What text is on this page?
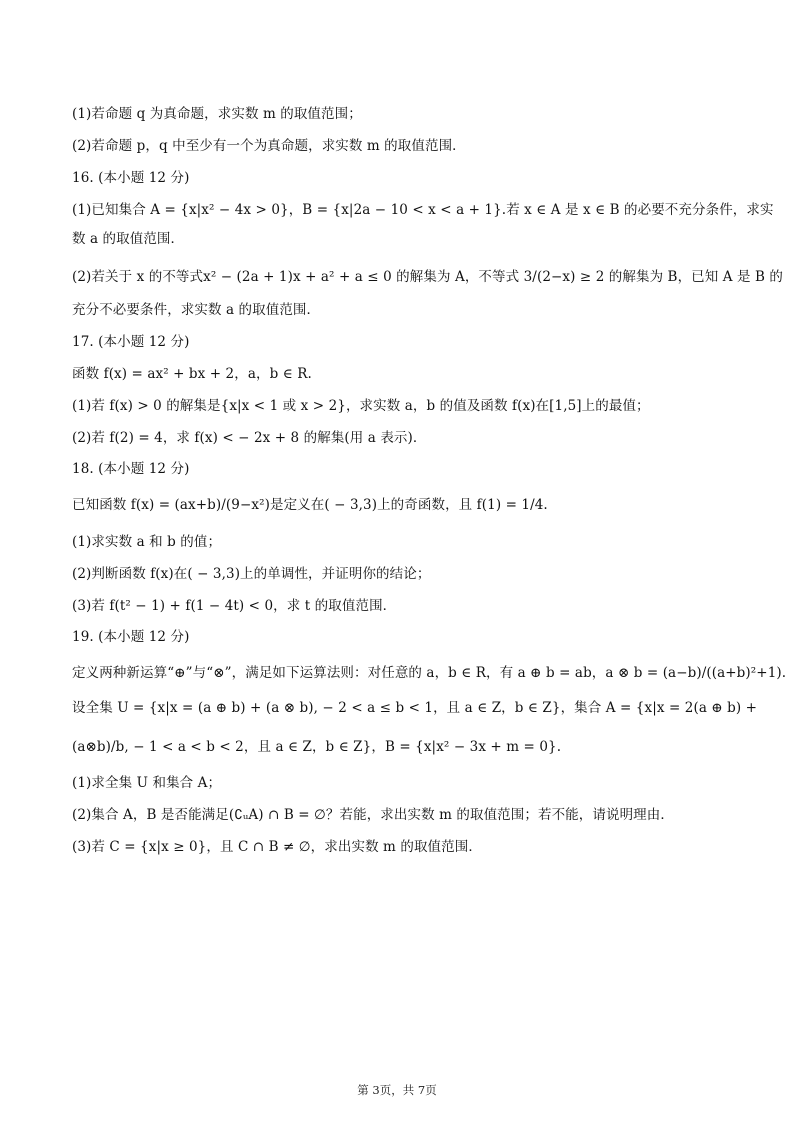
(1)若命题 q 为真命题，求实数 m 的取值范围；
(2)若命题 p，q 中至少有一个为真命题，求实数 m 的取值范围．
16. (本小题 12 分)
(1)已知集合 A = {x|x² − 4x > 0}，B = {x|2a − 10 < x < a + 1}.若 x ∈ A 是 x ∈ B 的必要不充分条件，求实
数 a 的取值范围．
(2)若关于 x 的不等式x² − (2a + 1)x + a² + a ≤ 0 的解集为 A，不等式 3/(2−x) ≥ 2 的解集为 B，已知 A 是 B 的
充分不必要条件，求实数 a 的取值范围．
17. (本小题 12 分)
函数 f(x) = ax² + bx + 2，a，b ∈ R.
(1)若 f(x) > 0 的解集是{x|x < 1 或 x > 2}，求实数 a，b 的值及函数 f(x)在[1,5]上的最值；
(2)若 f(2) = 4，求 f(x) < − 2x + 8 的解集(用 a 表示)．
18. (本小题 12 分)
已知函数 f(x) = (ax+b)/(9−x²)是定义在( − 3,3)上的奇函数，且 f(1) = 1/4.
(1)求实数 a 和 b 的值；
(2)判断函数 f(x)在( − 3,3)上的单调性，并证明你的结论；
(3)若 f(t² − 1) + f(1 − 4t) < 0，求 t 的取值范围．
19. (本小题 12 分)
定义两种新运算“⊕”与“⊗”，满足如下运算法则：对任意的 a，b ∈ R，有 a ⊕ b = ab，a ⊗ b = (a−b)/((a+b)²+1).
设全集 U = {x|x = (a ⊕ b) + (a ⊗ b), − 2 < a ≤ b < 1，且 a ∈ Z，b ∈ Z}，集合 A = {x|x = 2(a ⊕ b) +
(a⊗b)/b, − 1 < a < b < 2，且 a ∈ Z，b ∈ Z}，B = {x|x² − 3x + m = 0}.
(1)求全集 U 和集合 A；
(2)集合 A，B 是否能满足(∁ᵤA) ∩ B = ∅？若能，求出实数 m 的取值范围；若不能，请说明理由．
(3)若 C = {x|x ≥ 0}，且 C ∩ B ≠ ∅，求出实数 m 的取值范围．
第 3页，共 7页
